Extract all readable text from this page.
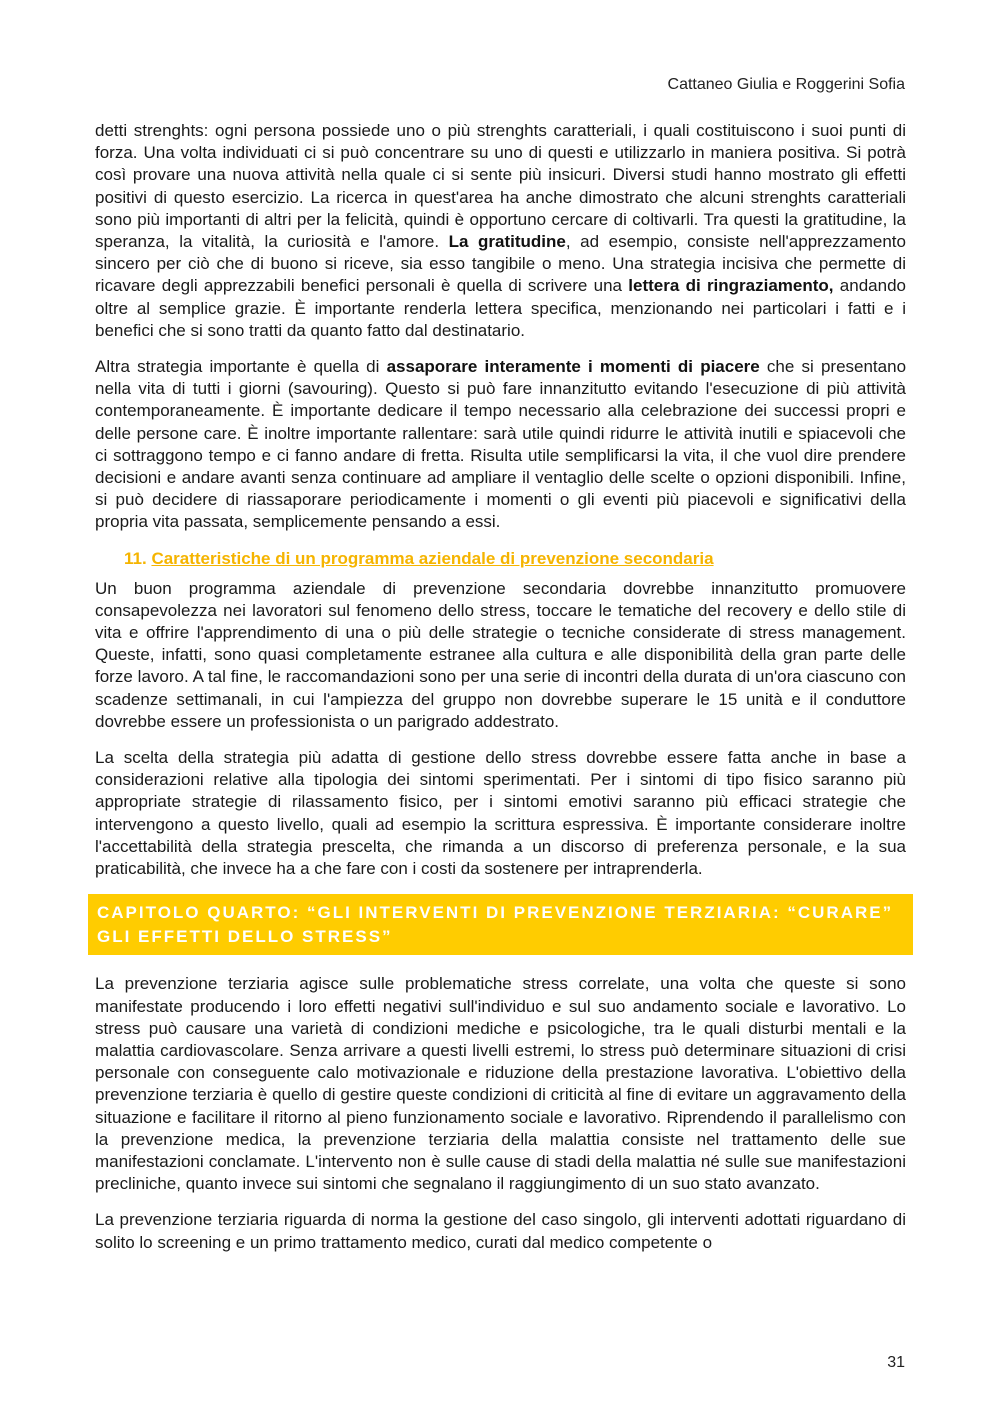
Cattaneo Giulia e Roggerini Sofia

detti strenghts: ogni persona possiede uno o più strenghts caratteriali, i quali costituiscono i suoi punti di forza. Una volta individuati ci si può concentrare su uno di questi e utilizzarlo in maniera positiva. Si potrà così provare una nuova attività nella quale ci si sente più insicuri. Diversi studi hanno mostrato gli effetti positivi di questo esercizio. La ricerca in quest'area ha anche dimostrato che alcuni strenghts caratteriali sono più importanti di altri per la felicità, quindi è opportuno cercare di coltivarli. Tra questi la gratitudine, la speranza, la vitalità, la curiosità e l'amore. La gratitudine, ad esempio, consiste nell'apprezzamento sincero per ciò che di buono si riceve, sia esso tangibile o meno. Una strategia incisiva che permette di ricavare degli apprezzabili benefici personali è quella di scrivere una lettera di ringraziamento, andando oltre al semplice grazie. È importante renderla lettera specifica, menzionando nei particolari i fatti e i benefici che si sono tratti da quanto fatto dal destinatario.

Altra strategia importante è quella di assaporare interamente i momenti di piacere che si presentano nella vita di tutti i giorni (savouring). Questo si può fare innanzitutto evitando l'esecuzione di più attività contemporaneamente. È importante dedicare il tempo necessario alla celebrazione dei successi propri e delle persone care. È inoltre importante rallentare: sarà utile quindi ridurre le attività inutili e spiacevoli che ci sottraggono tempo e ci fanno andare di fretta. Risulta utile semplificarsi la vita, il che vuol dire prendere decisioni e andare avanti senza continuare ad ampliare il ventaglio delle scelte o opzioni disponibili. Infine, si può decidere di riassaporare periodicamente i momenti o gli eventi più piacevoli e significativi della propria vita passata, semplicemente pensando a essi.

11. Caratteristiche di un programma aziendale di prevenzione secondaria

Un buon programma aziendale di prevenzione secondaria dovrebbe innanzitutto promuovere consapevolezza nei lavoratori sul fenomeno dello stress, toccare le tematiche del recovery e dello stile di vita e offrire l'apprendimento di una o più delle strategie o tecniche considerate di stress management. Queste, infatti, sono quasi completamente estranee alla cultura e alle disponibilità della gran parte delle forze lavoro. A tal fine, le raccomandazioni sono per una serie di incontri della durata di un'ora ciascuno con scadenze settimanali, in cui l'ampiezza del gruppo non dovrebbe superare le 15 unità e il conduttore dovrebbe essere un professionista o un parigrado addestrato.

La scelta della strategia più adatta di gestione dello stress dovrebbe essere fatta anche in base a considerazioni relative alla tipologia dei sintomi sperimentati. Per i sintomi di tipo fisico saranno più appropriate strategie di rilassamento fisico, per i sintomi emotivi saranno più efficaci strategie che intervengono a questo livello, quali ad esempio la scrittura espressiva. È importante considerare inoltre l'accettabilità della strategia prescelta, che rimanda a un discorso di preferenza personale, e la sua praticabilità, che invece ha a che fare con i costi da sostenere per intraprenderla.

CAPITOLO QUARTO: “GLI INTERVENTI DI PREVENZIONE TERZIARIA: “CURARE”
GLI EFFETTI DELLO STRESS”

La prevenzione terziaria agisce sulle problematiche stress correlate, una volta che queste si sono manifestate producendo i loro effetti negativi sull'individuo e sul suo andamento sociale e lavorativo. Lo stress può causare una varietà di condizioni mediche e psicologiche, tra le quali disturbi mentali e la malattia cardiovascolare. Senza arrivare a questi livelli estremi, lo stress può determinare situazioni di crisi personale con conseguente calo motivazionale e riduzione della prestazione lavorativa. L'obiettivo della prevenzione terziaria è quello di gestire queste condizioni di criticità al fine di evitare un aggravamento della situazione e facilitare il ritorno al pieno funzionamento sociale e lavorativo. Riprendendo il parallelismo con la prevenzione medica, la prevenzione terziaria della malattia consiste nel trattamento delle sue manifestazioni conclamate. L'intervento non è sulle cause di stadi della malattia né sulle sue manifestazioni precliniche, quanto invece sui sintomi che segnalano il raggiungimento di un suo stato avanzato.

La prevenzione terziaria riguarda di norma la gestione del caso singolo, gli interventi adottati riguardano di solito lo screening e un primo trattamento medico, curati dal medico competente o

31
